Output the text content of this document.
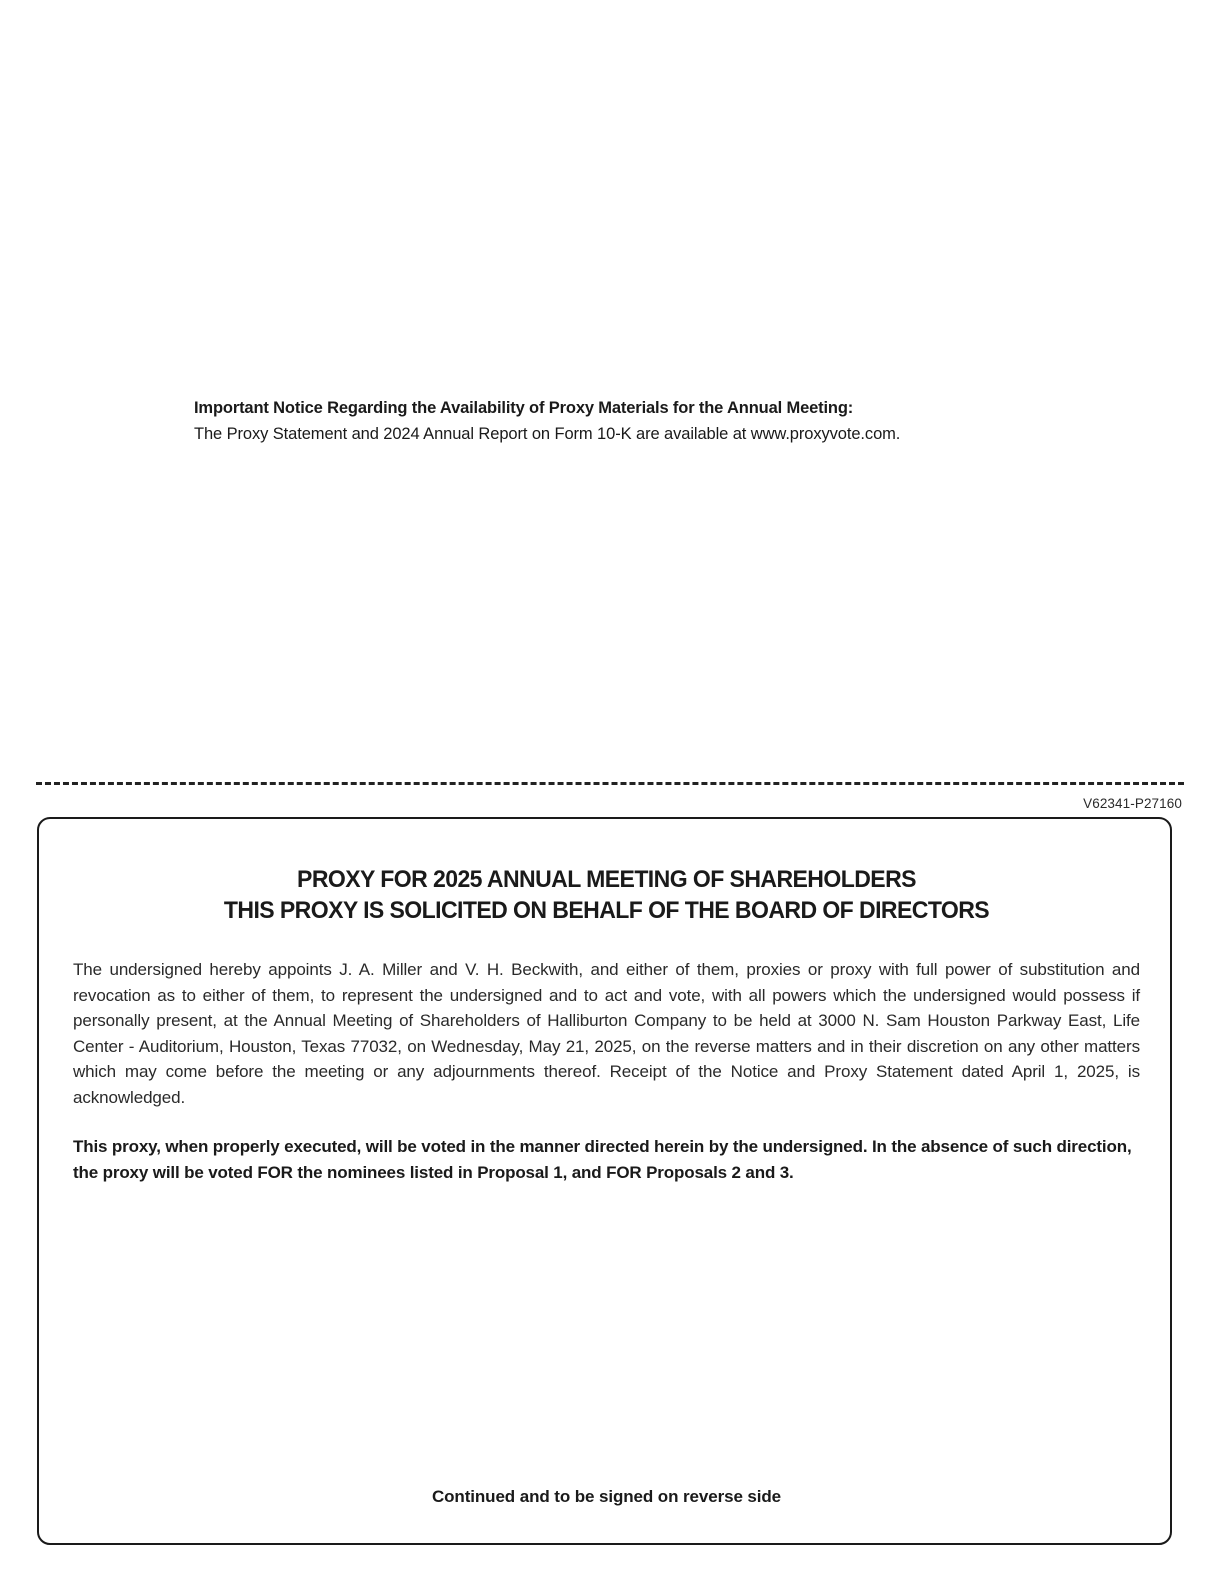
Important Notice Regarding the Availability of Proxy Materials for the Annual Meeting:
The Proxy Statement and 2024 Annual Report on Form 10-K are available at www.proxyvote.com.
V62341-P27160
PROXY FOR 2025 ANNUAL MEETING OF SHAREHOLDERS
THIS PROXY IS SOLICITED ON BEHALF OF THE BOARD OF DIRECTORS
The undersigned hereby appoints J. A. Miller and V. H. Beckwith, and either of them, proxies or proxy with full power of substitution and revocation as to either of them, to represent the undersigned and to act and vote, with all powers which the undersigned would possess if personally present, at the Annual Meeting of Shareholders of Halliburton Company to be held at 3000 N. Sam Houston Parkway East, Life Center - Auditorium, Houston, Texas 77032, on Wednesday, May 21, 2025, on the reverse matters and in their discretion on any other matters which may come before the meeting or any adjournments thereof. Receipt of the Notice and Proxy Statement dated April 1, 2025, is acknowledged.
This proxy, when properly executed, will be voted in the manner directed herein by the undersigned. In the absence of such direction, the proxy will be voted FOR the nominees listed in Proposal 1, and FOR Proposals 2 and 3.
Continued and to be signed on reverse side
